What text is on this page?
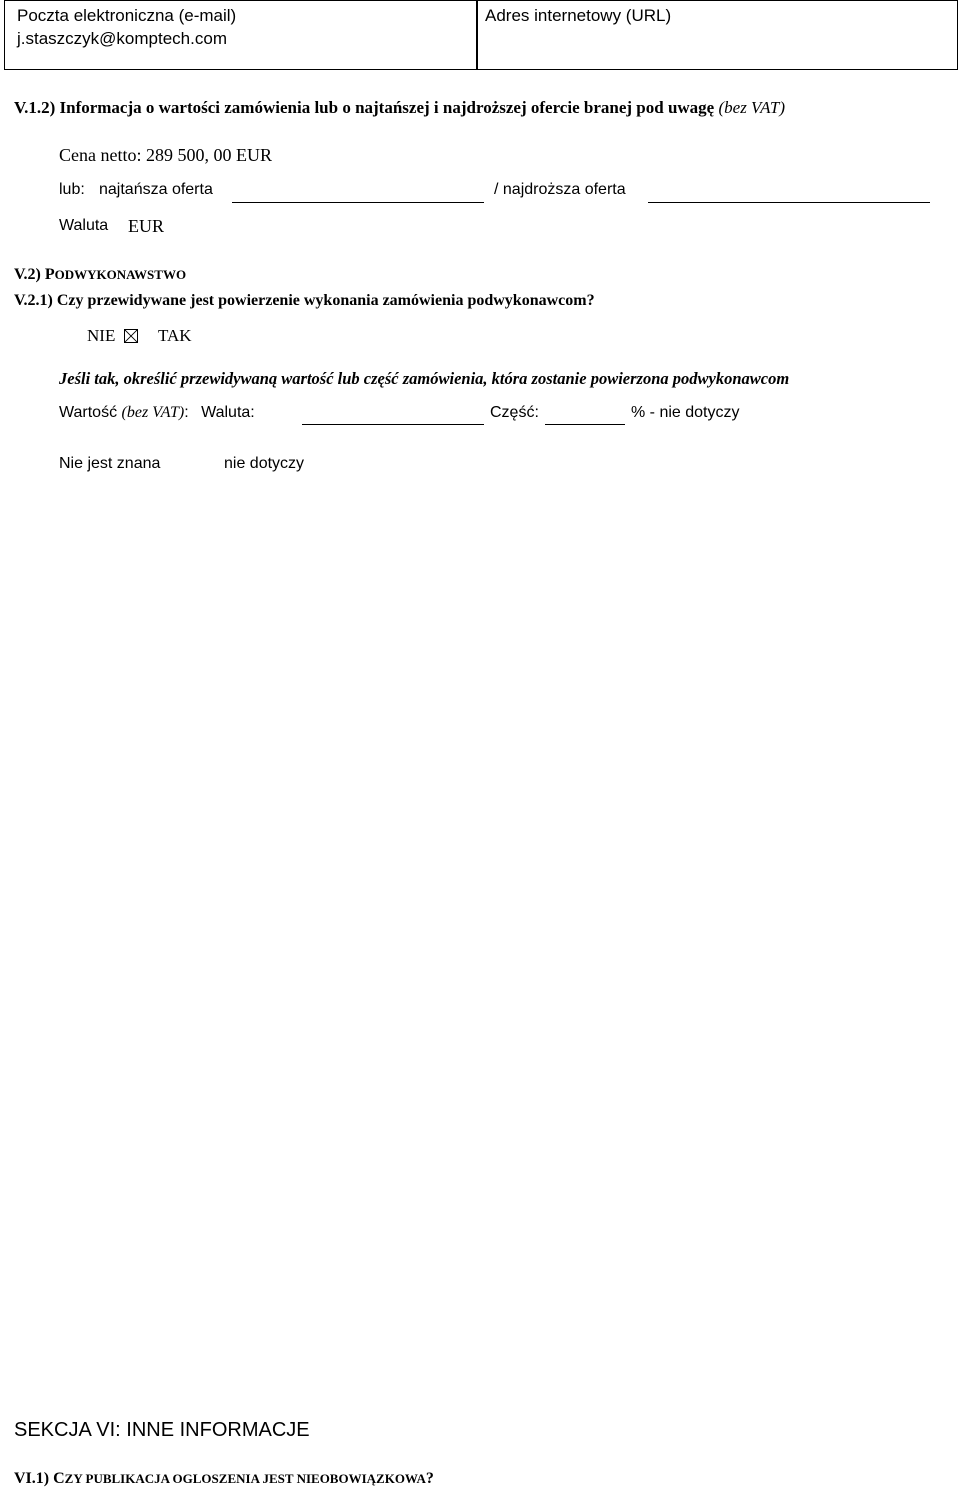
Poczta elektroniczna (e-mail)
j.staszczyk@komptech.com
Adres internetowy (URL)
V.1.2) Informacja o wartości zamówienia lub o najtańszej i najdroższej ofercie branej pod uwagę (bez VAT)
Cena netto: 289 500, 00 EUR
lub: najtańsza oferta	/ najdroższa oferta
Waluta EUR
V.2) PODWYKONAWSTWO
V.2.1) Czy przewidywane jest powierzenie wykonania zamówienia podwykonawcom?
NIE	TAK
Jeśli tak, określić przewidywaną wartość lub część zamówienia, która zostanie powierzona podwykonawcom
Wartość (bez VAT): Waluta:	Część:	% - nie dotyczy
Nie jest znana	nie dotyczy
SEKCJA VI: INNE INFORMACJE
VI.1) CZY PUBLIKACJA OGLOSZENIA JEST NIEOBOWIĄZKOWA?
